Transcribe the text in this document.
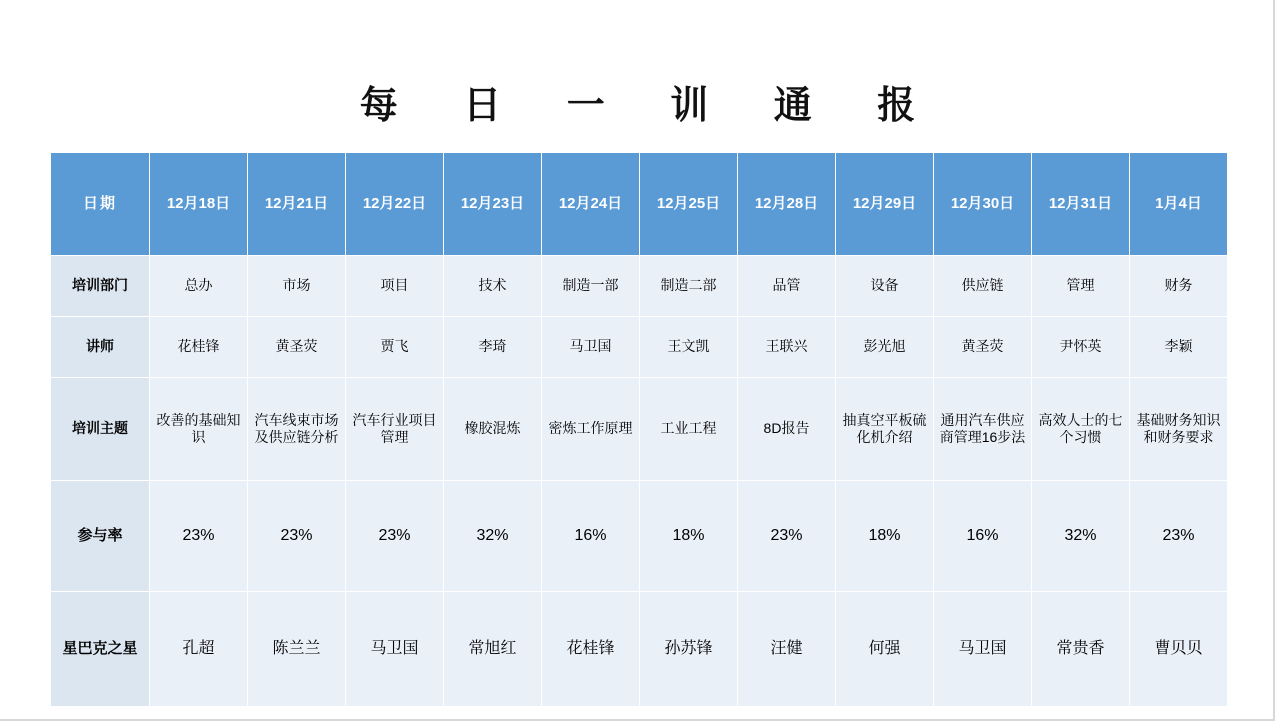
每 日 一 训 通 报
日期	12月18日	12月21日	12月22日	12月23日	12月24日	12月25日	12月28日	12月29日	12月30日	12月31日	1月4日
培训部门	总办	市场	项目	技术	制造一部	制造二部	品管	设备	供应链	管理	财务
讲师	花桂锋	黄圣荧	贾飞	李琦	马卫国	王文凯	王联兴	彭光旭	黄圣荧	尹怀英	李颖
培训主题	改善的基础知识	汽车线束市场及供应链分析	汽车行业项目管理	橡胶混炼	密炼工作原理	工业工程	8D报告	抽真空平板硫化机介绍	通用汽车供应商管理16步法	高效人士的七个习惯	基础财务知识和财务要求
参与率	23%	23%	23%	32%	16%	18%	23%	18%	16%	32%	23%
星巴克之星	孔超	陈兰兰	马卫国	常旭红	花桂锋	孙苏锋	汪健	何强	马卫国	常贵香	曹贝贝
